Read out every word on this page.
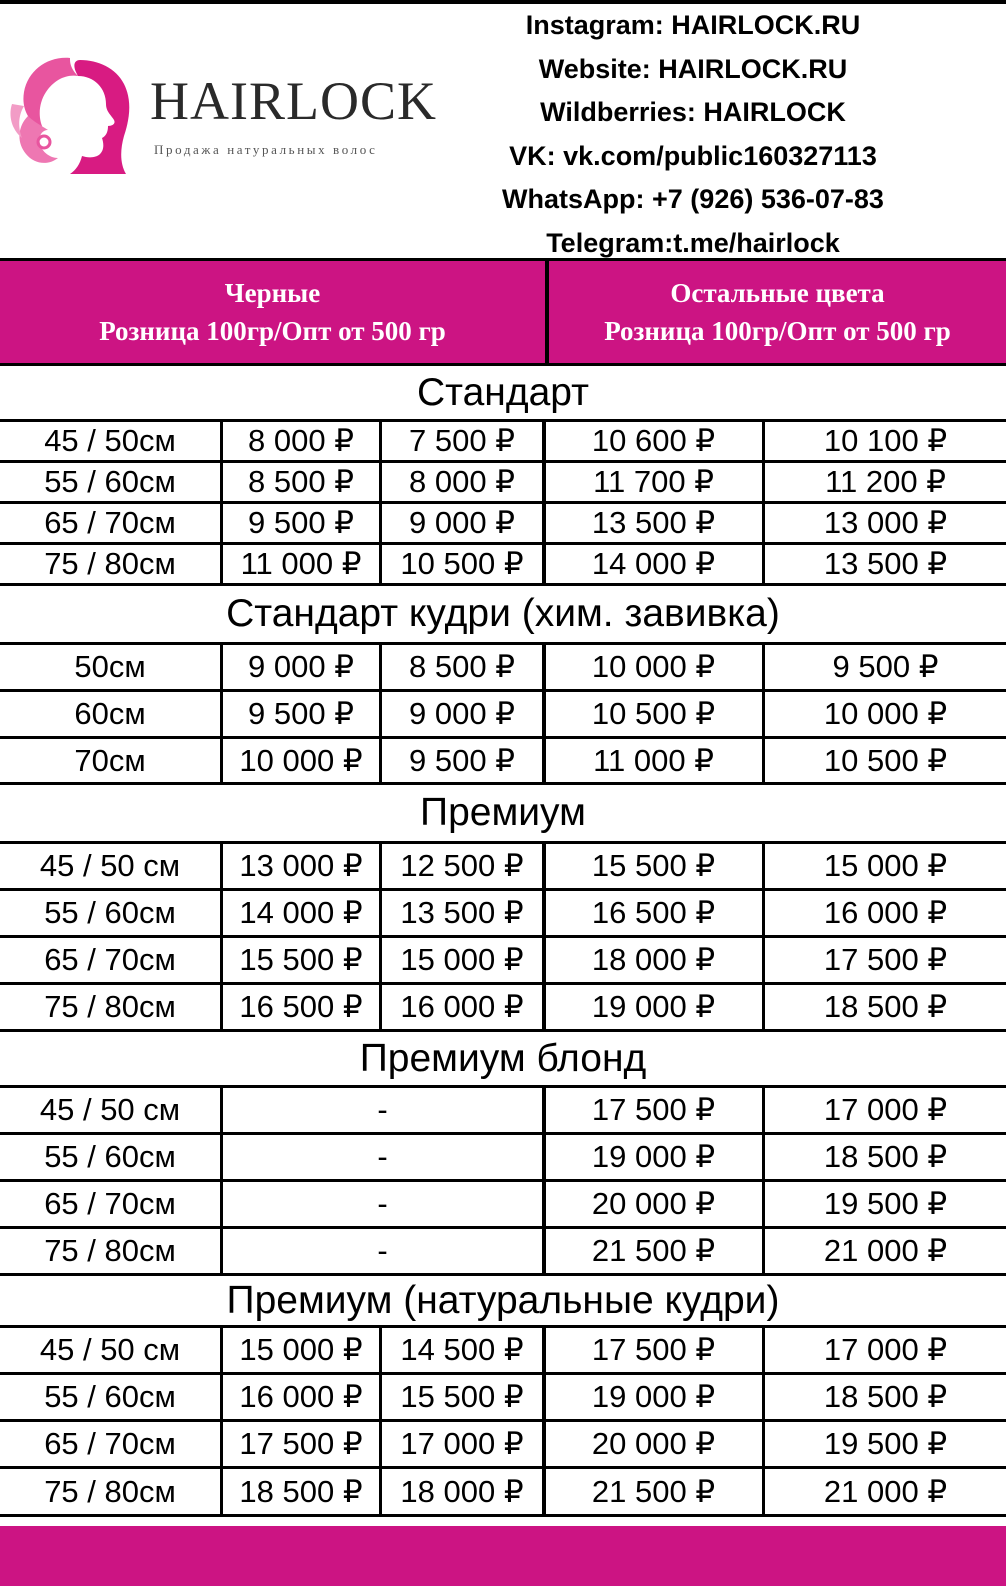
HAIRLOCK
Продажа натуральных волос
Instagram: HAIRLOCK.RU
Website: HAIRLOCK.RU
Wildberries: HAIRLOCK
VK: vk.com/public160327113
WhatsApp: +7 (926) 536-07-83
Telegram:t.me/hairlock
Черные
Розница 100гр/Опт от 500 гр
Остальные цвета
Розница 100гр/Опт от 500 гр
Стандарт
45 / 50см	8 000 ₽	7 500 ₽	10 600 ₽	10 100 ₽
55 / 60см	8 500 ₽	8 000 ₽	11 700 ₽	11 200 ₽
65 / 70см	9 500 ₽	9 000 ₽	13 500 ₽	13 000 ₽
75 / 80см	11 000 ₽	10 500 ₽	14 000 ₽	13 500 ₽
Стандарт кудри (хим. завивка)
50см	9 000 ₽	8 500 ₽	10 000 ₽	9 500 ₽
60см	9 500 ₽	9 000 ₽	10 500 ₽	10 000 ₽
70см	10 000 ₽	9 500 ₽	11 000 ₽	10 500 ₽
Премиум
45 / 50 см	13 000 ₽	12 500 ₽	15 500 ₽	15 000 ₽
55 / 60см	14 000 ₽	13 500 ₽	16 500 ₽	16 000 ₽
65 / 70см	15 500 ₽	15 000 ₽	18 000 ₽	17 500 ₽
75 / 80см	16 500 ₽	16 000 ₽	19 000 ₽	18 500 ₽
Премиум блонд
45 / 50 см	-	17 500 ₽	17 000 ₽
55 / 60см	-	19 000 ₽	18 500 ₽
65 / 70см	-	20 000 ₽	19 500 ₽
75 / 80см	-	21 500 ₽	21 000 ₽
Премиум (натуральные кудри)
45 / 50 см	15 000 ₽	14 500 ₽	17 500 ₽	17 000 ₽
55 / 60см	16 000 ₽	15 500 ₽	19 000 ₽	18 500 ₽
65 / 70см	17 500 ₽	17 000 ₽	20 000 ₽	19 500 ₽
75 / 80см	18 500 ₽	18 000 ₽	21 500 ₽	21 000 ₽
